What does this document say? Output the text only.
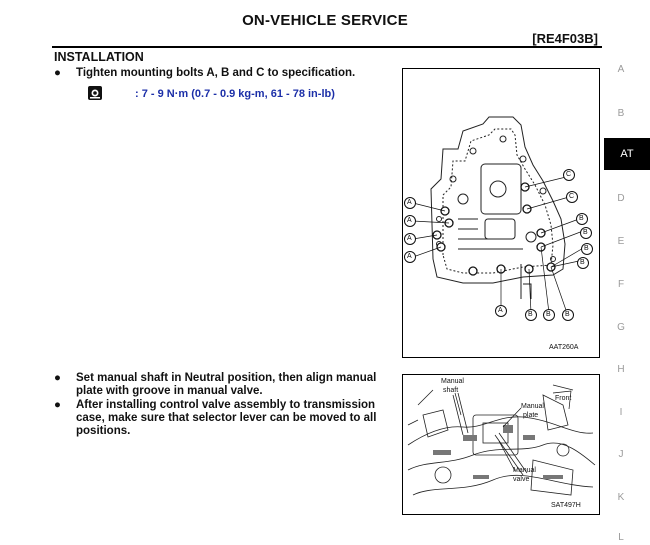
ON-VEHICLE SERVICE
[RE4F03B]
INSTALLATION
● Tighten mounting bolts A, B and C to specification.
: 7 - 9 N·m (0.7 - 0.9 kg-m, 61 - 78 in-lb)
A
A
A
A
A
C
C
B
B
B
B
B B B
AAT260A
● Set manual shaft in Neutral position, then align manual
plate with groove in manual valve.
● After installing control valve assembly to transmission
case, make sure that selector lever can be moved to all
positions.
Manual
shaft
Manual
plate
Front
Manual
valve
SAT497H
A
B
AT
D
E
F
G
H
I
J
K
L
